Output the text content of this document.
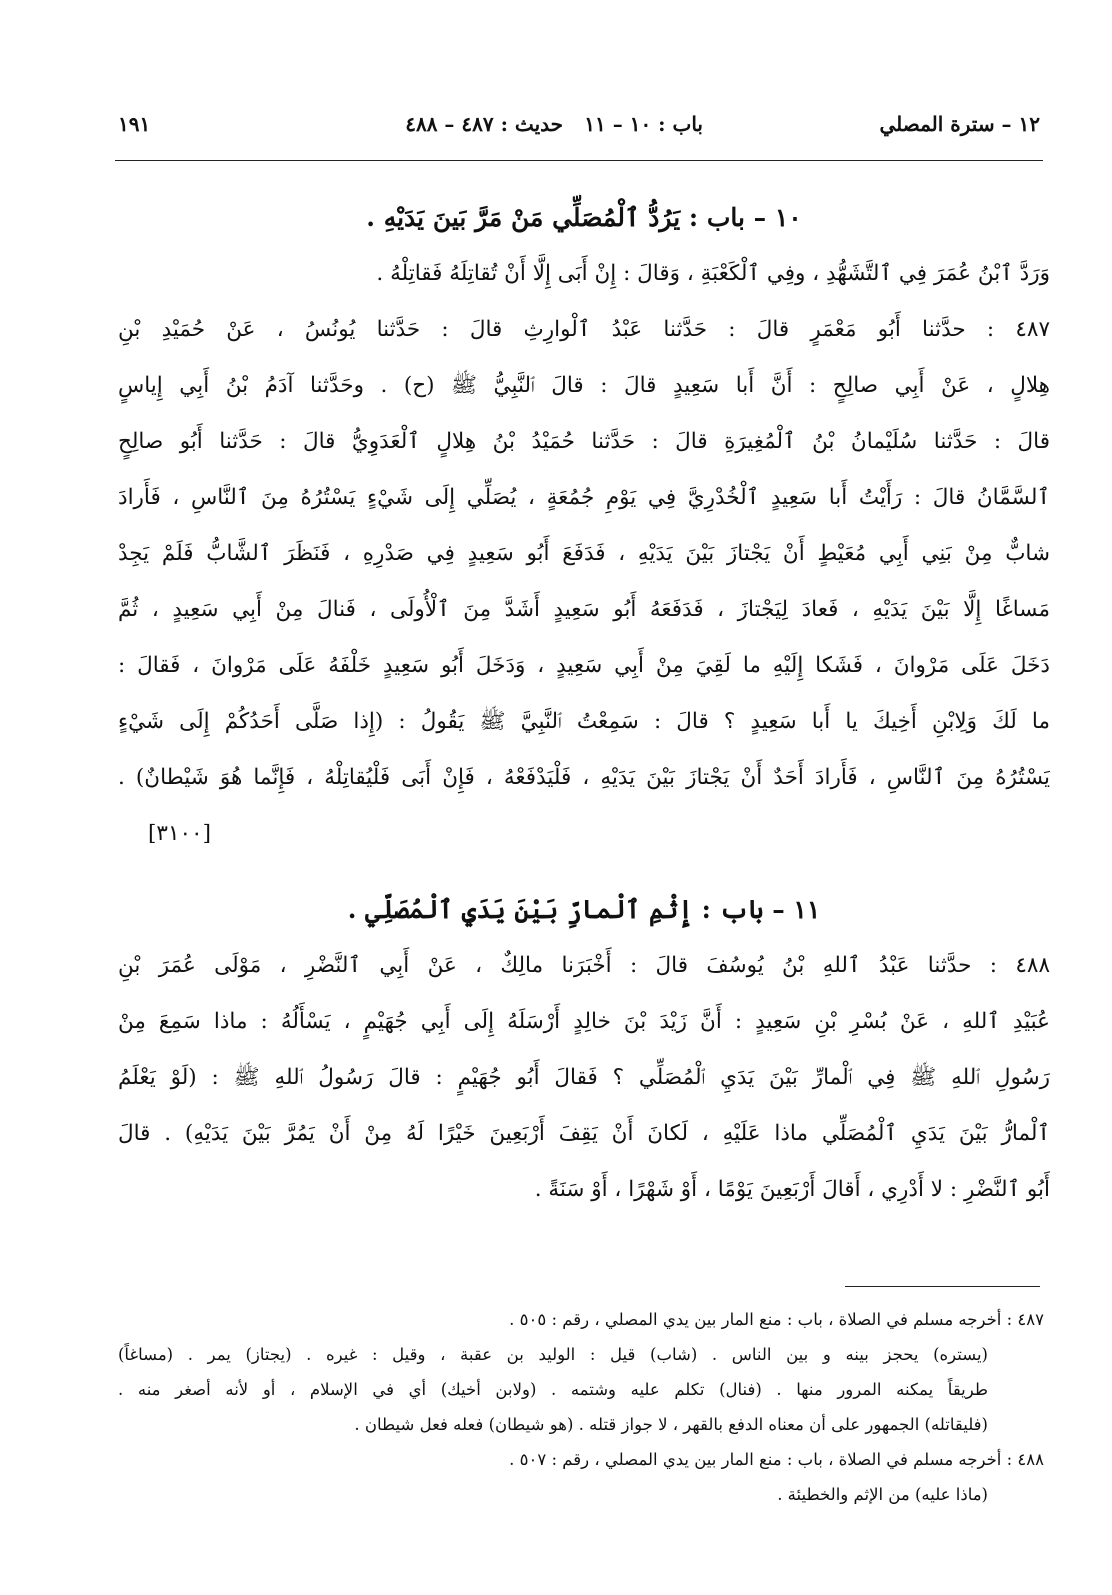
١٢ – سترة المصلي
باب : ١٠ – ١١
حديث : ٤٨٧ – ٤٨٨
١٩١
١٠ – باب : يَرُدُّ ٱلْمُصَلِّي مَنْ مَرَّ بَينَ يَدَيْهِ .
وَرَدَّ ٱبْنُ عُمَرَ فِي ٱلتَّشَهُّدِ ، وفِي ٱلْكَعْبَةِ ، وَقالَ : إِنْ أَبَى إِلَّا أَنْ تُقاتِلَهُ فَقاتِلْهُ .
٤٨٧ : حدَّثنا أَبُو مَعْمَرٍ قالَ : حَدَّثنا عَبْدُ ٱلْوارِثِ قالَ : حَدَّثنا يُونُسُ ، عَنْ حُمَيْدِ بْنِ
هِلالٍ ، عَنْ أَبِي صالِحٍ : أَنَّ أَبا سَعِيدٍ قالَ : قالَ ٱلنَّبِيُّ ﷺ (ح) . وحَدَّثنا آدَمُ بْنُ أَبِي إِياسٍ
قالَ : حَدَّثنا سُلَيْمانُ بْنُ ٱلْمُغِيرَةِ قالَ : حَدَّثنا حُمَيْدُ بْنُ هِلالٍ ٱلْعَدَوِيُّ قالَ : حَدَّثنا أَبُو صالِحٍ
ٱلسَّمَّانُ قالَ : رَأَيْتُ أَبا سَعِيدٍ ٱلْخُدْرِيَّ فِي يَوْمِ جُمُعَةٍ ، يُصَلِّي إِلَى شَيْءٍ يَسْتُرُهُ مِنَ ٱلنَّاسِ ، فَأَرادَ
شابٌّ مِنْ بَنِي أَبِي مُعَيْطٍ أَنْ يَجْتازَ بَيْنَ يَدَيْهِ ، فَدَفَعَ أَبُو سَعِيدٍ فِي صَدْرِهِ ، فَنَظَرَ ٱلشَّابُّ فَلَمْ يَجِدْ
مَساغًا إِلَّا بَيْنَ يَدَيْهِ ، فَعادَ لِيَجْتازَ ، فَدَفَعَهُ أَبُو سَعِيدٍ أَشَدَّ مِنَ ٱلْأُولَى ، فَنالَ مِنْ أَبِي سَعِيدٍ ، ثُمَّ
دَخَلَ عَلَى مَرْوانَ ، فَشَكا إِلَيْهِ ما لَقِيَ مِنْ أَبِي سَعِيدٍ ، وَدَخَلَ أَبُو سَعِيدٍ خَلْفَهُ عَلَى مَرْوانَ ، فَقالَ :
ما لَكَ وَلِابْنِ أَخِيكَ يا أَبا سَعِيدٍ ؟ قالَ : سَمِعْتُ ٱلنَّبِيَّ ﷺ يَقُولُ : (إِذا صَلَّى أَحَدُكُمْ إِلَى شَيْءٍ
يَسْتُرُهُ مِنَ ٱلنَّاسِ ، فَأَرادَ أَحَدٌ أَنْ يَجْتازَ بَيْنَ يَدَيْهِ ، فَلْيَدْفَعْهُ ، فَإِنْ أَبَى فَلْيُقاتِلْهُ ، فَإِنَّما هُوَ شَيْطانٌ) .
[٣١٠٠]
١١ – باب : إِثْمِ ٱلْمارِّ بَيْنَ يَدَيِ ٱلْمُصَلِّي .
٤٨٨ : حدَّثنا عَبْدُ ٱللهِ بْنُ يُوسُفَ قالَ : أَخْبَرَنا مالِكٌ ، عَنْ أَبِي ٱلنَّضْرِ ، مَوْلَى عُمَرَ بْنِ
عُبَيْدِ ٱللهِ ، عَنْ بُسْرِ بْنِ سَعِيدٍ : أَنَّ زَيْدَ بْنَ خالِدٍ أَرْسَلَهُ إِلَى أَبِي جُهَيْمٍ ، يَسْأَلُهُ : ماذا سَمِعَ مِنْ
رَسُولِ ٱللهِ ﷺ فِي ٱلْمارِّ بَيْنَ يَدَيِ ٱلْمُصَلِّي ؟ فَقالَ أَبُو جُهَيْمٍ : قالَ رَسُولُ ٱللهِ ﷺ : (لَوْ يَعْلَمُ
ٱلْمارُّ بَيْنَ يَدَيِ ٱلْمُصَلِّي ماذا عَلَيْهِ ، لَكانَ أَنْ يَقِفَ أَرْبَعِينَ خَيْرًا لَهُ مِنْ أَنْ يَمُرَّ بَيْنَ يَدَيْهِ) . قالَ
أَبُو ٱلنَّضْرِ : لا أَدْرِي ، أَقالَ أَرْبَعِينَ يَوْمًا ، أَوْ شَهْرًا ، أَوْ سَنَةً .
٤٨٧ : أخرجه مسلم في الصلاة ، باب : منع المار بين يدي المصلي ، رقم : ٥٠٥ .
(يستره) يحجز بينه و بين الناس . (شاب) قيل : الوليد بن عقبة ، وقيل : غيره . (يجتاز) يمر . (مساغاً)
طريقاً يمكنه المرور منها . (فنال) تكلم عليه وشتمه . (ولابن أخيك) أي في الإسلام ، أو لأنه أصغر منه .
(فليقاتله) الجمهور على أن معناه الدفع بالقهر ، لا جواز قتله . (هو شيطان) فعله فعل شيطان .
٤٨٨ : أخرجه مسلم في الصلاة ، باب : منع المار بين يدي المصلي ، رقم : ٥٠٧ .
(ماذا عليه) من الإثم والخطيئة .
